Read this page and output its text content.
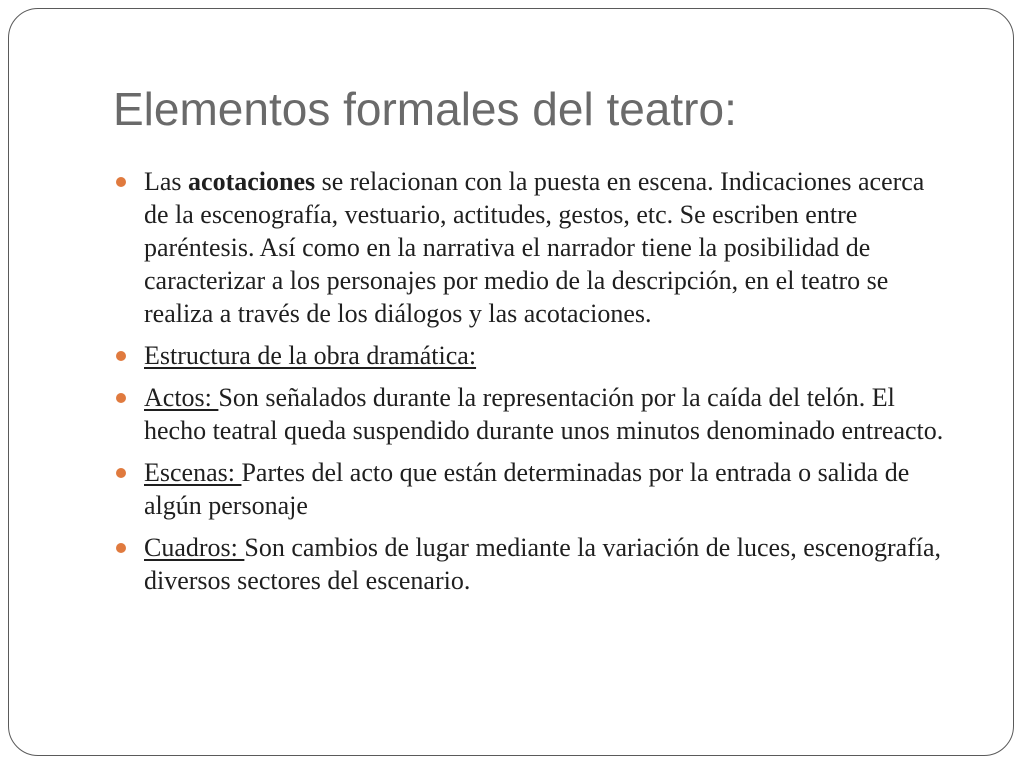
Elementos formales del teatro:
Las acotaciones se relacionan con la puesta en escena. Indicaciones acerca de la escenografía, vestuario, actitudes, gestos, etc. Se escriben entre paréntesis. Así como en la narrativa el narrador tiene la posibilidad de caracterizar a los personajes por medio de la descripción, en el teatro se realiza a través de los diálogos y las acotaciones.
Estructura de la obra dramática:
Actos: Son señalados durante la representación por la caída del telón. El hecho teatral queda suspendido durante unos minutos denominado entreacto.
Escenas: Partes del acto que están determinadas por la entrada o salida de algún personaje
Cuadros: Son cambios de lugar mediante la variación de luces, escenografía, diversos sectores del escenario.
